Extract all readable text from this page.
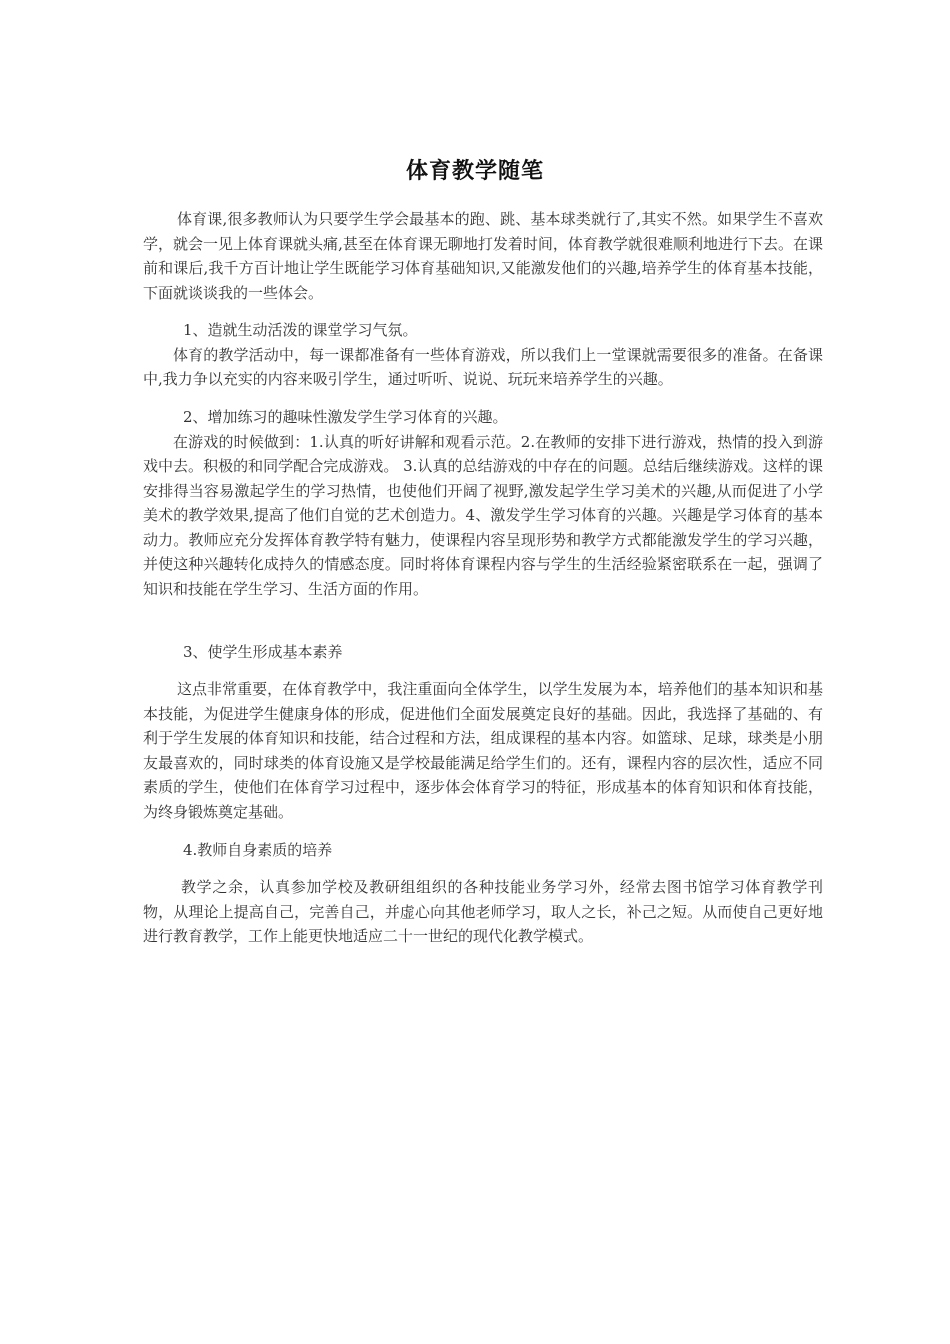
体育教学随笔

体育课,很多教师认为只要学生学会最基本的跑、跳、基本球类就行了,其实不然。如果学生不喜欢学，就会一见上体育课就头痛,甚至在体育课无聊地打发着时间，体育教学就很难顺利地进行下去。在课前和课后,我千方百计地让学生既能学习体育基础知识,又能激发他们的兴趣,培养学生的体育基本技能，下面就谈谈我的一些体会。

1、造就生动活泼的课堂学习气氛。

体育的教学活动中，每一课都准备有一些体育游戏，所以我们上一堂课就需要很多的准备。在备课中,我力争以充实的内容来吸引学生，通过听听、说说、玩玩来培养学生的兴趣。

2、增加练习的趣味性激发学生学习体育的兴趣。

在游戏的时候做到：1.认真的听好讲解和观看示范。2.在教师的安排下进行游戏，热情的投入到游戏中去。积极的和同学配合完成游戏。 3.认真的总结游戏的中存在的问题。总结后继续游戏。这样的课安排得当容易激起学生的学习热情，也使他们开阔了视野,激发起学生学习美术的兴趣,从而促进了小学美术的教学效果,提高了他们自觉的艺术创造力。4、激发学生学习体育的兴趣。兴趣是学习体育的基本动力。教师应充分发挥体育教学特有魅力，使课程内容呈现形势和教学方式都能激发学生的学习兴趣， 并使这种兴趣转化成持久的情感态度。同时将体育课程内容与学生的生活经验紧密联系在一起，强调了知识和技能在学生学习、生活方面的作用。

3、使学生形成基本素养

这点非常重要，在体育教学中，我注重面向全体学生，以学生发展为本，培养他们的基本知识和基本技能，为促进学生健康身体的形成，促进他们全面发展奠定良好的基础。因此，我选择了基础的、有利于学生发展的体育知识和技能，结合过程和方法，组成课程的基本内容。如篮球、足球，球类是小朋友最喜欢的，同时球类的体育设施又是学校最能满足给学生们的。还有，课程内容的层次性，适应不同素质的学生，使他们在体育学习过程中，逐步体会体育学习的特征，形成基本的体育知识和体育技能，为终身锻炼奠定基础。

4.教师自身素质的培养

教学之余，认真参加学校及教研组组织的各种技能业务学习外，经常去图书馆学习体育教学刊物，从理论上提高自己，完善自己，并虚心向其他老师学习，取人之长，补己之短。从而使自己更好地进行教育教学，工作上能更快地适应二十一世纪的现代化教学模式。
